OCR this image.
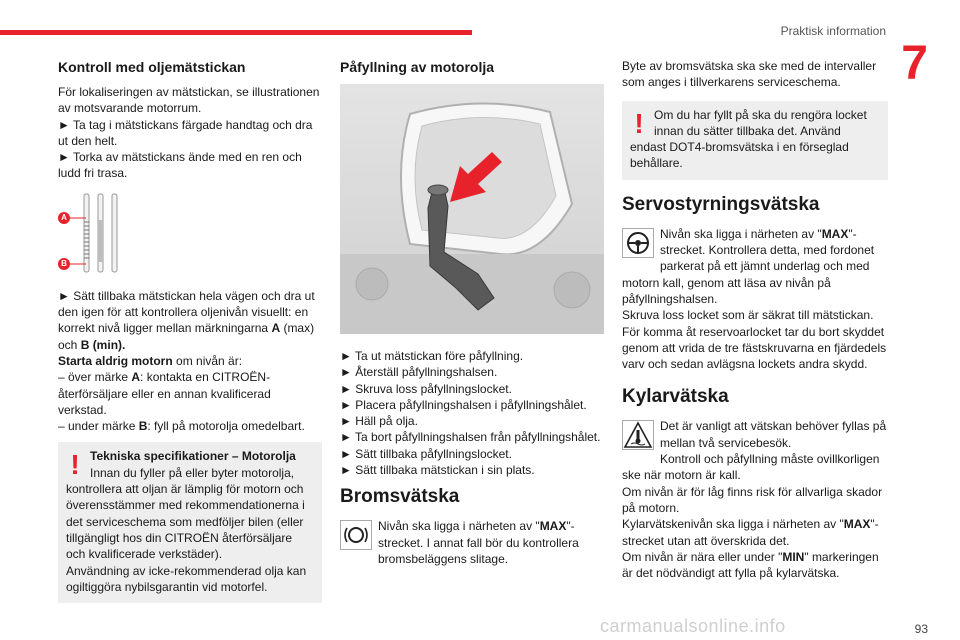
Praktisk information
7
Kontroll med oljemätstickan

För lokaliseringen av mätstickan, se illustrationen av motsvarande motorrum.

► Ta tag i mätstickans färgade handtag och dra ut den helt.

► Torka av mätstickans ände med en ren och ludd fri trasa.

A
B

► Sätt tillbaka mätstickan hela vägen och dra ut den igen för att kontrollera oljenivån visuellt: en korrekt nivå ligger mellan märkningarna A (max) och B (min).

Starta aldrig motorn om nivån är:

– över märke A: kontakta en CITROËN-återförsäljare eller en annan kvalificerad verkstad.

– under märke B: fyll på motorolja omedelbart.

! Tekniska specifikationer – Motorolja
Innan du fyller på eller byter motorolja, kontrollera att oljan är lämplig för motorn och överensstämmer med rekommendationerna i det serviceschema som medföljer bilen (eller tillgängligt hos din CITROËN återförsäljare och kvalificerade verkstäder).
Användning av icke-rekommenderad olja kan ogiltiggöra nybilsgarantin vid motorfel.
Påfyllning av motorolja

► Ta ut mätstickan före påfyllning.

► Återställ påfyllningshalsen.

► Skruva loss påfyllningslocket.

► Placera påfyllningshalsen i påfyllningshålet.

► Häll på olja.

► Ta bort påfyllningshalsen från påfyllningshålet.

► Sätt tillbaka påfyllningslocket.

► Sätt tillbaka mätstickan i sin plats.

Bromsvätska

Nivån ska ligga i närheten av "MAX"-strecket. I annat fall bör du kontrollera bromsbeläggens slitage.

Byte av bromsvätska ska ske med de intervaller som anges i tillverkarens serviceschema.

! Om du har fyllt på ska du rengöra locket innan du sätter tillbaka det. Använd endast DOT4-bromsvätska i en förseglad behållare.
Servostyrningsvätska

Nivån ska ligga i närheten av "MAX"-strecket. Kontrollera detta, med fordonet parkerat på ett jämnt underlag och med motorn kall, genom att läsa av nivån på påfyllningshalsen.

Skruva loss locket som är säkrat till mätstickan. För komma åt reservoarlocket tar du bort skyddet genom att vrida de tre fästskruvarna en fjärdedels varv och sedan avlägsna lockets andra skydd.

Kylarvätska

Det är vanligt att vätskan behöver fyllas på mellan två servicebesök.

Kontroll och påfyllning måste ovillkorligen ske när motorn är kall.

Om nivån är för låg finns risk för allvarliga skador på motorn.

Kylarvätskenivån ska ligga i närheten av "MAX"-strecket utan att överskrida det.

Om nivån är nära eller under "MIN" markeringen är det nödvändigt att fylla på kylarvätska.

carmanualsonline.info	93
